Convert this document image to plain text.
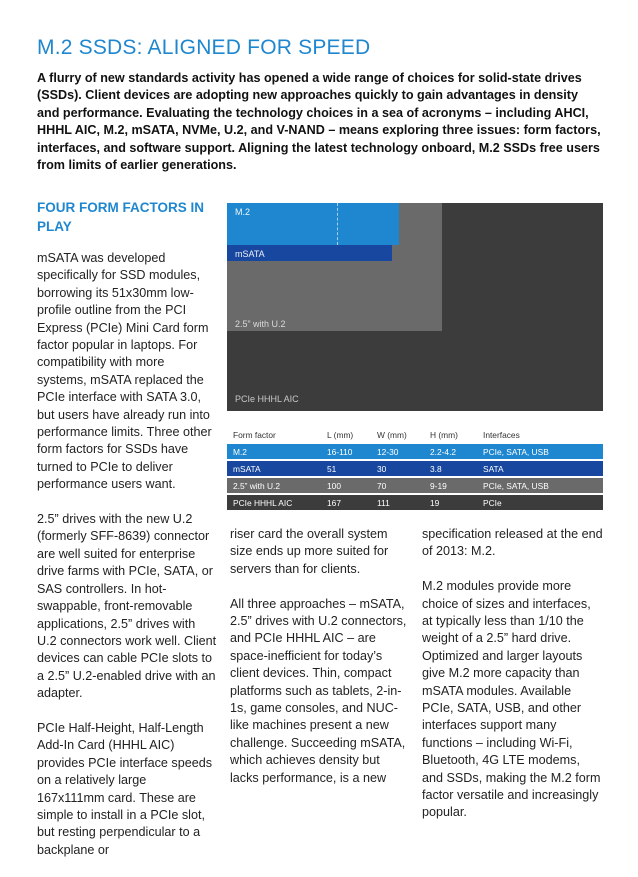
M.2 SSDS: ALIGNED FOR SPEED

A flurry of new standards activity has opened a wide range of choices for solid-state drives (SSDs). Client devices are adopting new approaches quickly to gain advantages in density and performance. Evaluating the technology choices in a sea of acronyms – including AHCI, HHHL AIC, M.2, mSATA, NVMe, U.2, and V-NAND – means exploring three issues: form factors, interfaces, and software support. Aligning the latest technology onboard, M.2 SSDs free users from limits of earlier generations.

FOUR FORM FACTORS IN PLAY

mSATA was developed specifically for SSD modules, borrowing its 51x30mm low-profile outline from the PCI Express (PCIe) Mini Card form factor popular in laptops. For compatibility with more systems, mSATA replaced the PCIe interface with SATA 3.0, but users have already run into performance limits. Three other form factors for SSDs have turned to PCIe to deliver performance users want.

2.5” drives with the new U.2 (formerly SFF-8639) connector are well suited for enterprise drive farms with PCIe, SATA, or SAS controllers. In hot-swappable, front-removable applications, 2.5” drives with U.2 connectors work well. Client devices can cable PCIe slots to a 2.5” U.2-enabled drive with an adapter.

PCIe Half-Height, Half-Length Add-In Card (HHHL AIC) provides PCIe interface speeds on a relatively large 167x111mm card. These are simple to install in a PCIe slot, but resting perpendicular to a backplane or

M.2
mSATA
2.5” with U.2
PCIe HHHL AIC
Form factor	L (mm)	W (mm)	H (mm)	Interfaces
M.2	16-110	12-30	2.2-4.2	PCIe, SATA, USB
mSATA	51	30	3.8	SATA
2.5” with U.2	100	70	9-19	PCIe, SATA, USB
PCIe HHHL AIC	167	111	19	PCIe

riser card the overall system size ends up more suited for servers than for clients.

All three approaches – mSATA, 2.5” drives with U.2 connectors, and PCIe HHHL AIC – are space-inefficient for today’s client devices. Thin, compact platforms such as tablets, 2-in-1s, game consoles, and NUC-like machines present a new challenge. Succeeding mSATA, which achieves density but lacks performance, is a new

specification released at the end of 2013: M.2.

M.2 modules provide more choice of sizes and interfaces, at typically less than 1/10 the weight of a 2.5” hard drive. Optimized and larger layouts give M.2 more capacity than mSATA modules. Available PCIe, SATA, USB, and other interfaces support many functions – including Wi-Fi, Bluetooth, 4G LTE modems, and SSDs, making the M.2 form factor versatile and increasingly popular.
